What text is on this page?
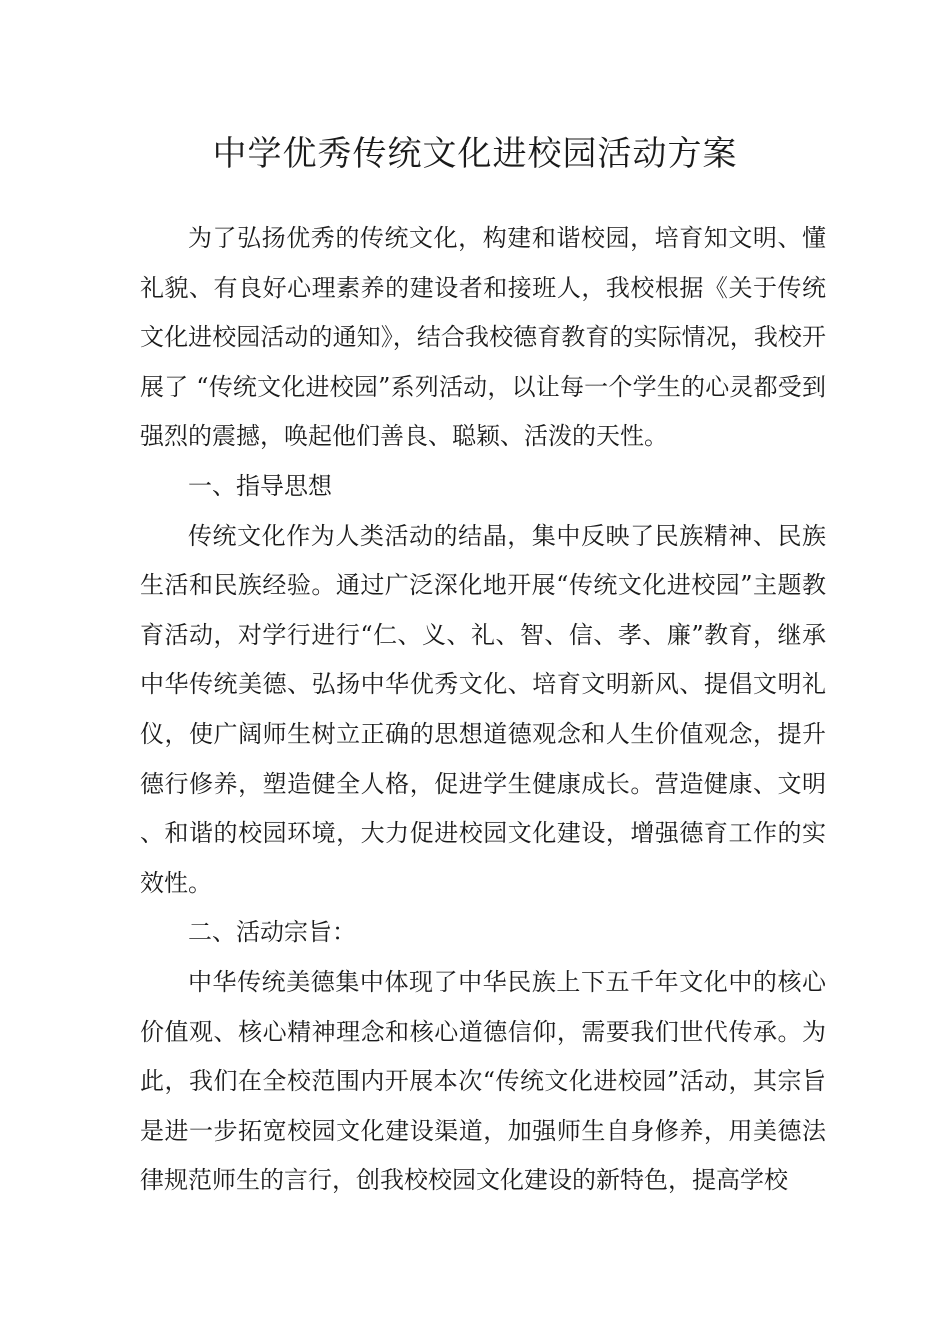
中学优秀传统文化进校园活动方案

为了弘扬优秀的传统文化，构建和谐校园，培育知文明、懂礼貌、有良好心理素养的建设者和接班人，我校根据《关于传统文化进校园活动的通知》，结合我校德育教育的实际情况，我校开展了 “传统文化进校园”系列活动，以让每一个学生的心灵都受到强烈的震撼，唤起他们善良、聪颖、活泼的天性。

一、指导思想

传统文化作为人类活动的结晶，集中反映了民族精神、民族生活和民族经验。通过广泛深化地开展“传统文化进校园”主题教育活动，对学行进行“仁、义、礼、智、信、孝、廉”教育，继承中华传统美德、弘扬中华优秀文化、培育文明新风、提倡文明礼仪，使广阔师生树立正确的思想道德观念和人生价值观念，提升德行修养，塑造健全人格，促进学生健康成长。营造健康、文明、和谐的校园环境，大力促进校园文化建设，增强德育工作的实效性。

二、活动宗旨：

中华传统美德集中体现了中华民族上下五千年文化中的核心价值观、核心精神理念和核心道德信仰，需要我们世代传承。为此，我们在全校范围内开展本次“传统文化进校园”活动，其宗旨是进一步拓宽校园文化建设渠道，加强师生自身修养，用美德法律规范师生的言行，创我校校园文化建设的新特色，提高学校
